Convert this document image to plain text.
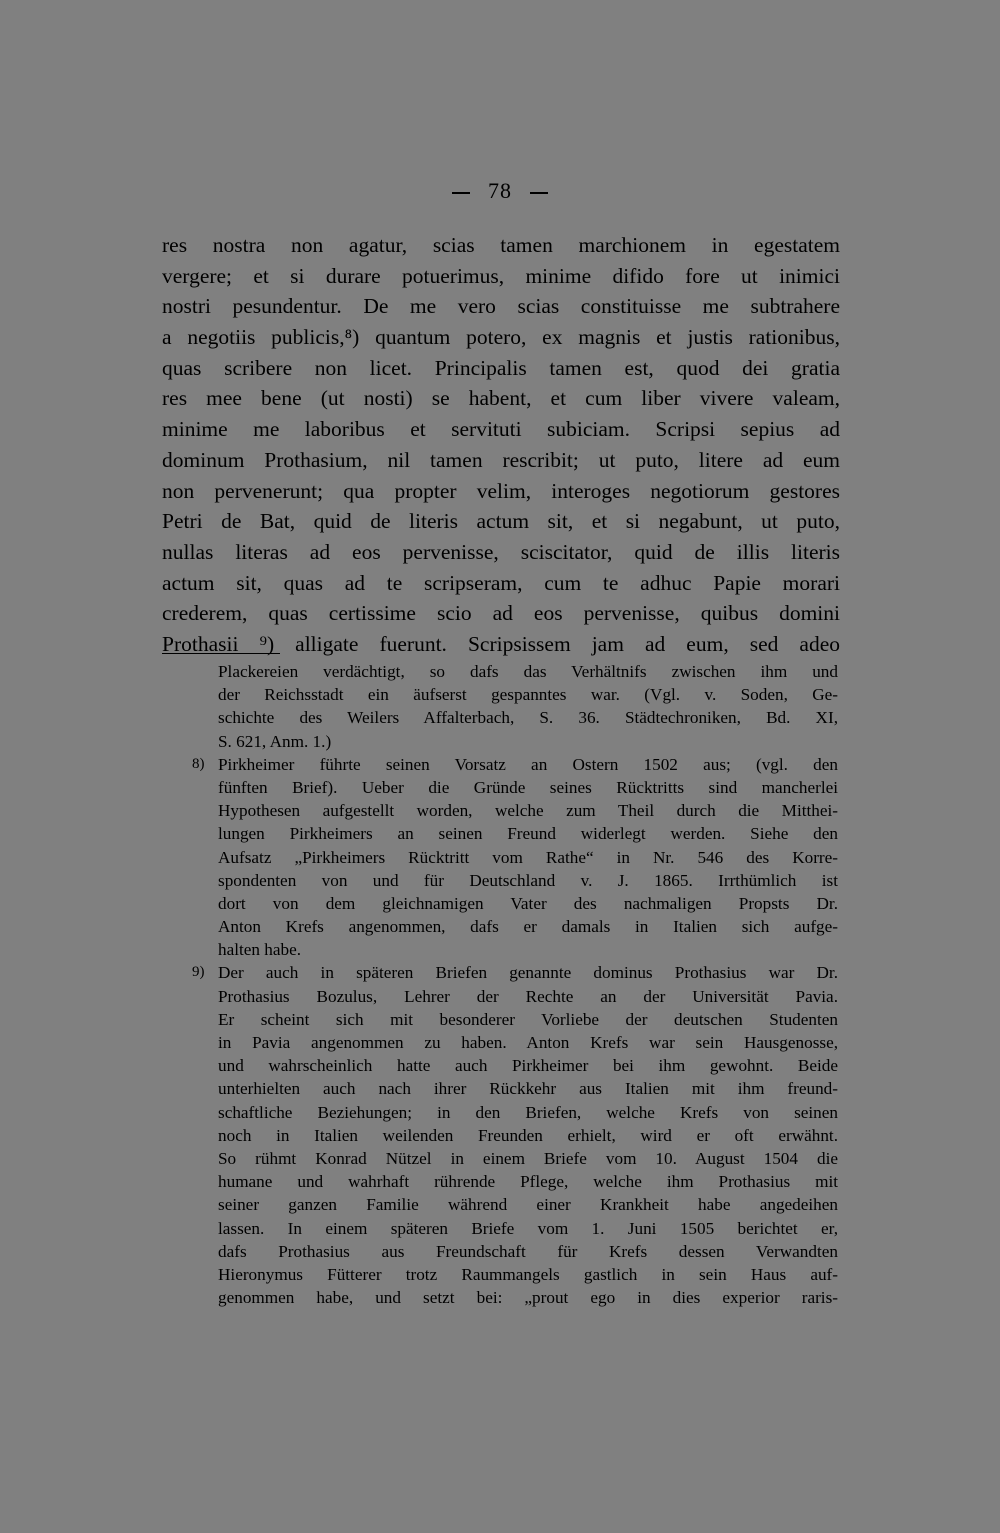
78
res nostra non agatur, scias tamen marchionem in egestatem
vergere; et si durare potuerimus, minime difido fore ut inimici
nostri pesundentur. De me vero scias constituisse me subtrahere
a negotiis publicis,⁸) quantum potero, ex magnis et justis rationibus,
quas scribere non licet. Principalis tamen est, quod dei gratia
res mee bene (ut nosti) se habent, et cum liber vivere valeam,
minime me laboribus et servituti subiciam. Scripsi sepius ad
dominum Prothasium, nil tamen rescribit; ut puto, litere ad eum
non pervenerunt; qua propter velim, interoges negotiorum gestores
Petri de Bat, quid de literis actum sit, et si negabunt, ut puto,
nullas literas ad eos pervenisse, sciscitator, quid de illis literis
actum sit, quas ad te scripseram, cum te adhuc Papie morari
crederem, quas certissime scio ad eos pervenisse, quibus domini
Prothasii ⁹) alligate fuerunt. Scripsissem jam ad eum, sed adeo
Plackereien verdächtigt, so dafs das Verhältnifs zwischen ihm und
der Reichsstadt ein äufserst gespanntes war. (Vgl. v. Soden, Ge-
schichte des Weilers Affalterbach, S. 36. Städtechroniken, Bd. XI,
S. 621, Anm. 1.)
8) Pirkheimer führte seinen Vorsatz an Ostern 1502 aus; (vgl. den
fünften Brief). Ueber die Gründe seines Rücktritts sind mancherlei
Hypothesen aufgestellt worden, welche zum Theil durch die Mitthei-
lungen Pirkheimers an seinen Freund widerlegt werden. Siehe den
Aufsatz „Pirkheimers Rücktritt vom Rathe“ in Nr. 546 des Korre-
spondenten von und für Deutschland v. J. 1865. Irrthümlich ist
dort von dem gleichnamigen Vater des nachmaligen Propsts Dr.
Anton Krefs angenommen, dafs er damals in Italien sich aufge-
halten habe.
9) Der auch in späteren Briefen genannte dominus Prothasius war Dr.
Prothasius Bozulus, Lehrer der Rechte an der Universität Pavia.
Er scheint sich mit besonderer Vorliebe der deutschen Studenten
in Pavia angenommen zu haben. Anton Krefs war sein Hausgenosse,
und wahrscheinlich hatte auch Pirkheimer bei ihm gewohnt. Beide
unterhielten auch nach ihrer Rückkehr aus Italien mit ihm freund-
schaftliche Beziehungen; in den Briefen, welche Krefs von seinen
noch in Italien weilenden Freunden erhielt, wird er oft erwähnt.
So rühmt Konrad Nützel in einem Briefe vom 10. August 1504 die
humane und wahrhaft rührende Pflege, welche ihm Prothasius mit
seiner ganzen Familie während einer Krankheit habe angedeihen
lassen. In einem späteren Briefe vom 1. Juni 1505 berichtet er,
dafs Prothasius aus Freundschaft für Krefs dessen Verwandten
Hieronymus Fütterer trotz Raummangels gastlich in sein Haus auf-
genommen habe, und setzt bei: „prout ego in dies experior raris-
